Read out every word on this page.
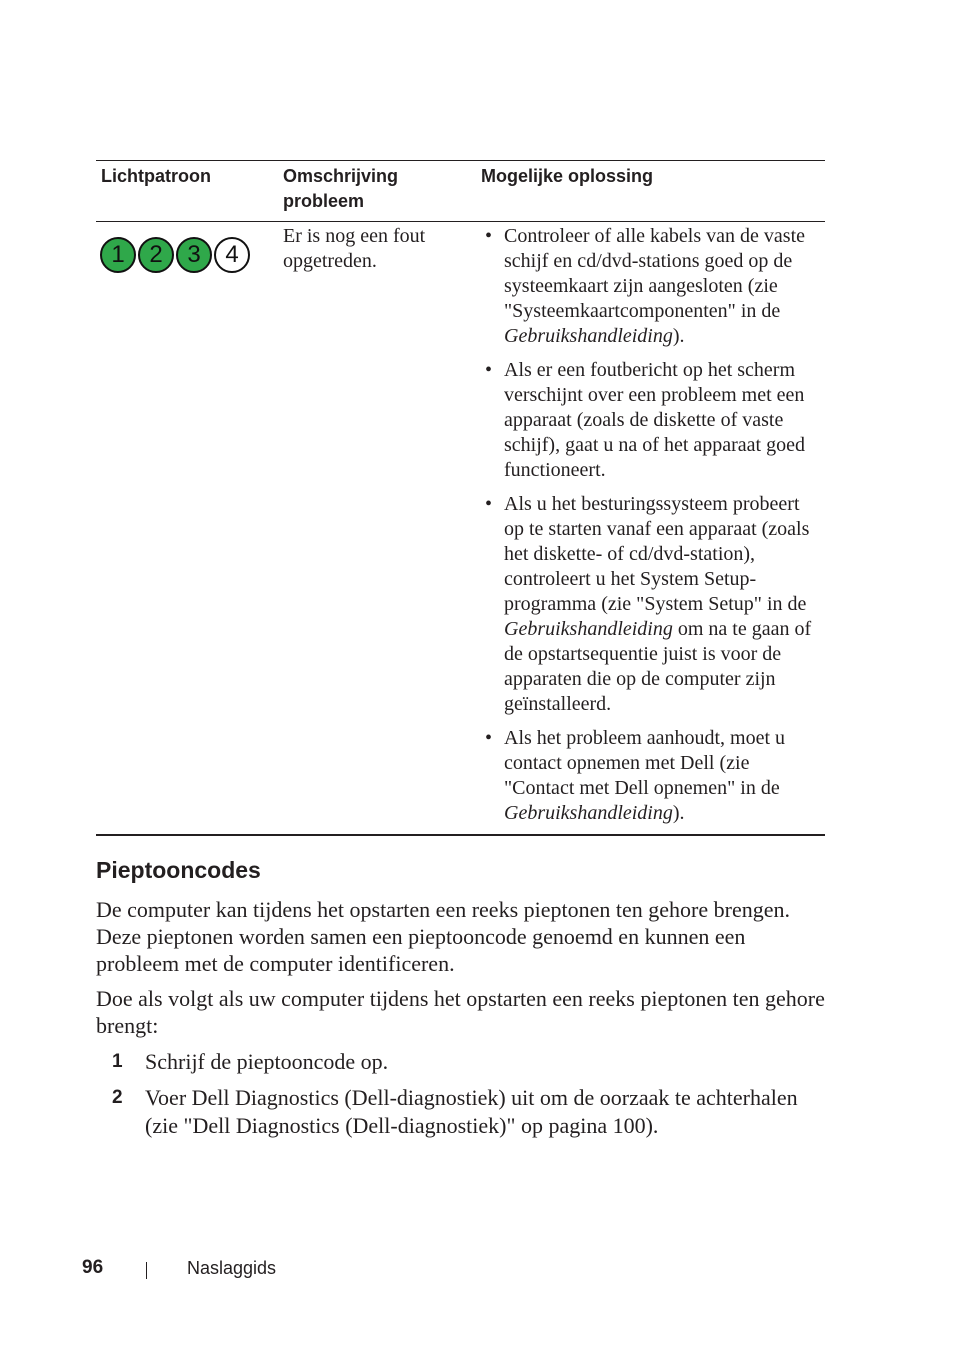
Lichtpatroon	Omschrijving probleem
Mogelijke oplossing
1 2 3 4
Er is nog een fout opgetreden.
• Controleer of alle kabels van de vaste schijf en cd/dvd-stations goed op de systeemkaart zijn aangesloten (zie "Systeemkaartcomponenten" in de Gebruikshandleiding).
• Als er een foutbericht op het scherm verschijnt over een probleem met een apparaat (zoals de diskette of vaste schijf), gaat u na of het apparaat goed functioneert.
• Als u het besturingssysteem probeert op te starten vanaf een apparaat (zoals het diskette- of cd/dvd-station), controleert u het System Setup-programma (zie "System Setup" in de Gebruikshandleiding om na te gaan of de opstartsequentie juist is voor de apparaten die op de computer zijn geïnstalleerd.
• Als het probleem aanhoudt, moet u contact opnemen met Dell (zie "Contact met Dell opnemen" in de Gebruikshandleiding).
Pieptooncodes

De computer kan tijdens het opstarten een reeks pieptonen ten gehore brengen. Deze pieptonen worden samen een pieptooncode genoemd en kunnen een probleem met de computer identificeren.

Doe als volgt als uw computer tijdens het opstarten een reeks pieptonen ten gehore brengt:

1 Schrijf de pieptooncode op.
2 Voer Dell Diagnostics (Dell-diagnostiek) uit om de oorzaak te achterhalen (zie "Dell Diagnostics (Dell-diagnostiek)" op pagina 100).
96	Naslaggids
